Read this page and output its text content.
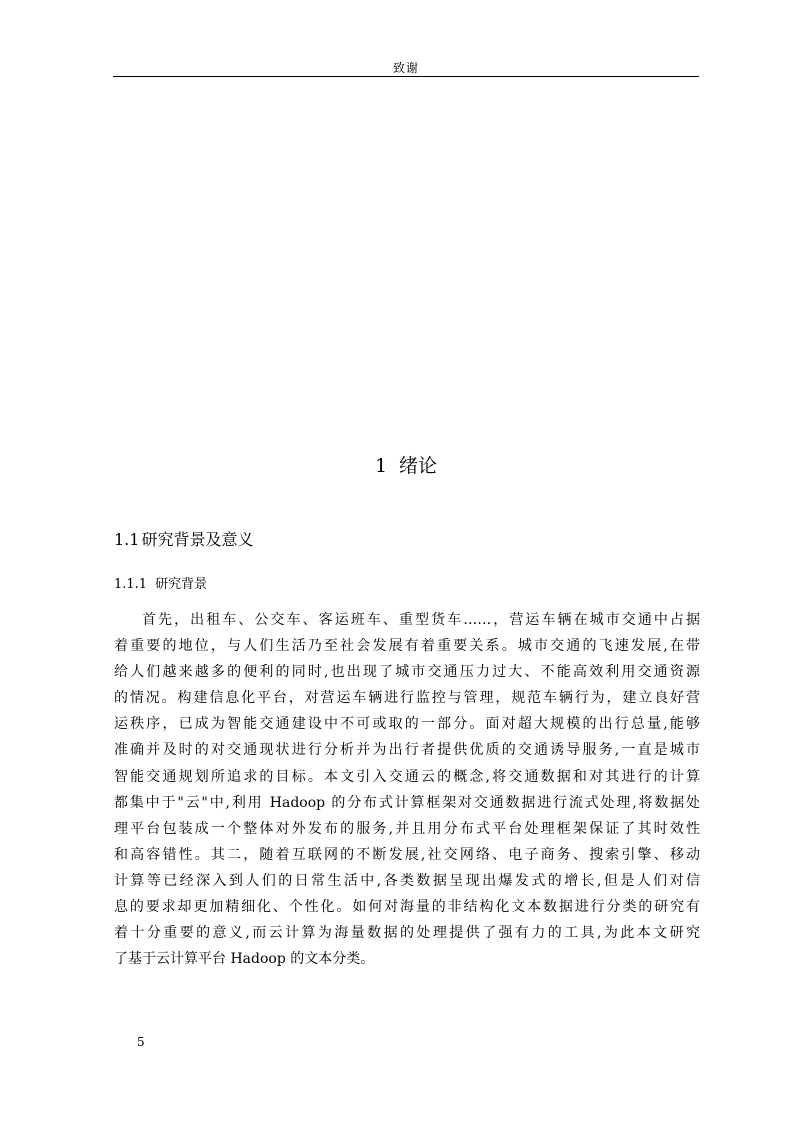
致谢
1 绪论
1.1 研究背景及意义
1.1.1 研究背景
首先，出租车、公交车、客运班车、重型货车……，营运车辆在城市交通中占据
着重要的地位，与人们生活乃至社会发展有着重要关系。城市交通的飞速发展,在带
给人们越来越多的便利的同时,也出现了城市交通压力过大、不能高效利用交通资源
的情况。构建信息化平台，对营运车辆进行监控与管理，规范车辆行为，建立良好营
运秩序，已成为智能交通建设中不可或取的一部分。面对超大规模的出行总量,能够
准确并及时的对交通现状进行分析并为出行者提供优质的交通诱导服务,一直是城市
智能交通规划所追求的目标。本文引入交通云的概念,将交通数据和对其进行的计算
都集中于"云"中,利用 Hadoop 的分布式计算框架对交通数据进行流式处理,将数据处
理平台包装成一个整体对外发布的服务,并且用分布式平台处理框架保证了其时效性
和高容错性。其二，随着互联网的不断发展,社交网络、电子商务、搜索引擎、移动
计算等已经深入到人们的日常生活中,各类数据呈现出爆发式的增长,但是人们对信
息的要求却更加精细化、个性化。如何对海量的非结构化文本数据进行分类的研究有
着十分重要的意义,而云计算为海量数据的处理提供了强有力的工具,为此本文研究
了基于云计算平台 Hadoop 的文本分类。
5
